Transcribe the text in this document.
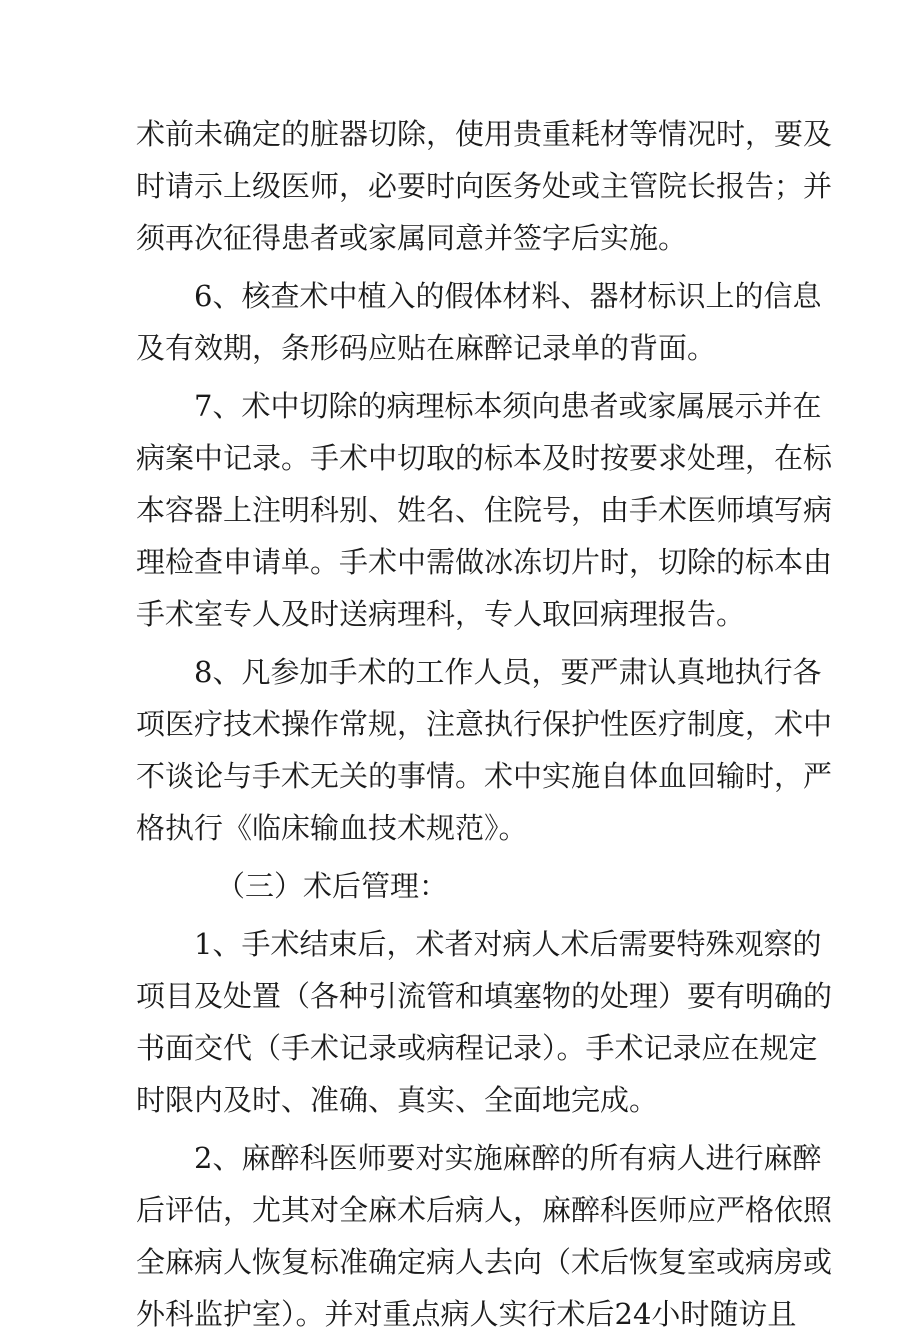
术前未确定的脏器切除，使用贵重耗材等情况时，要及
时请示上级医师，必要时向医务处或主管院长报告；并
须再次征得患者或家属同意并签字后实施。
6、核查术中植入的假体材料、器材标识上的信息
及有效期，条形码应贴在麻醉记录单的背面。
7、术中切除的病理标本须向患者或家属展示并在
病案中记录。手术中切取的标本及时按要求处理，在标
本容器上注明科别、姓名、住院号，由手术医师填写病
理检查申请单。手术中需做冰冻切片时，切除的标本由
手术室专人及时送病理科，专人取回病理报告。
8、凡参加手术的工作人员，要严肃认真地执行各
项医疗技术操作常规，注意执行保护性医疗制度，术中
不谈论与手术无关的事情。术中实施自体血回输时，严
格执行《临床输血技术规范》。
（三）术后管理：
1、手术结束后，术者对病人术后需要特殊观察的
项目及处置（各种引流管和填塞物的处理）要有明确的
书面交代（手术记录或病程记录）。手术记录应在规定
时限内及时、准确、真实、全面地完成。
2、麻醉科医师要对实施麻醉的所有病人进行麻醉
后评估，尤其对全麻术后病人，麻醉科医师应严格依照
全麻病人恢复标准确定病人去向（术后恢复室或病房或
外科监护室）。并对重点病人实行术后24小时随访且
